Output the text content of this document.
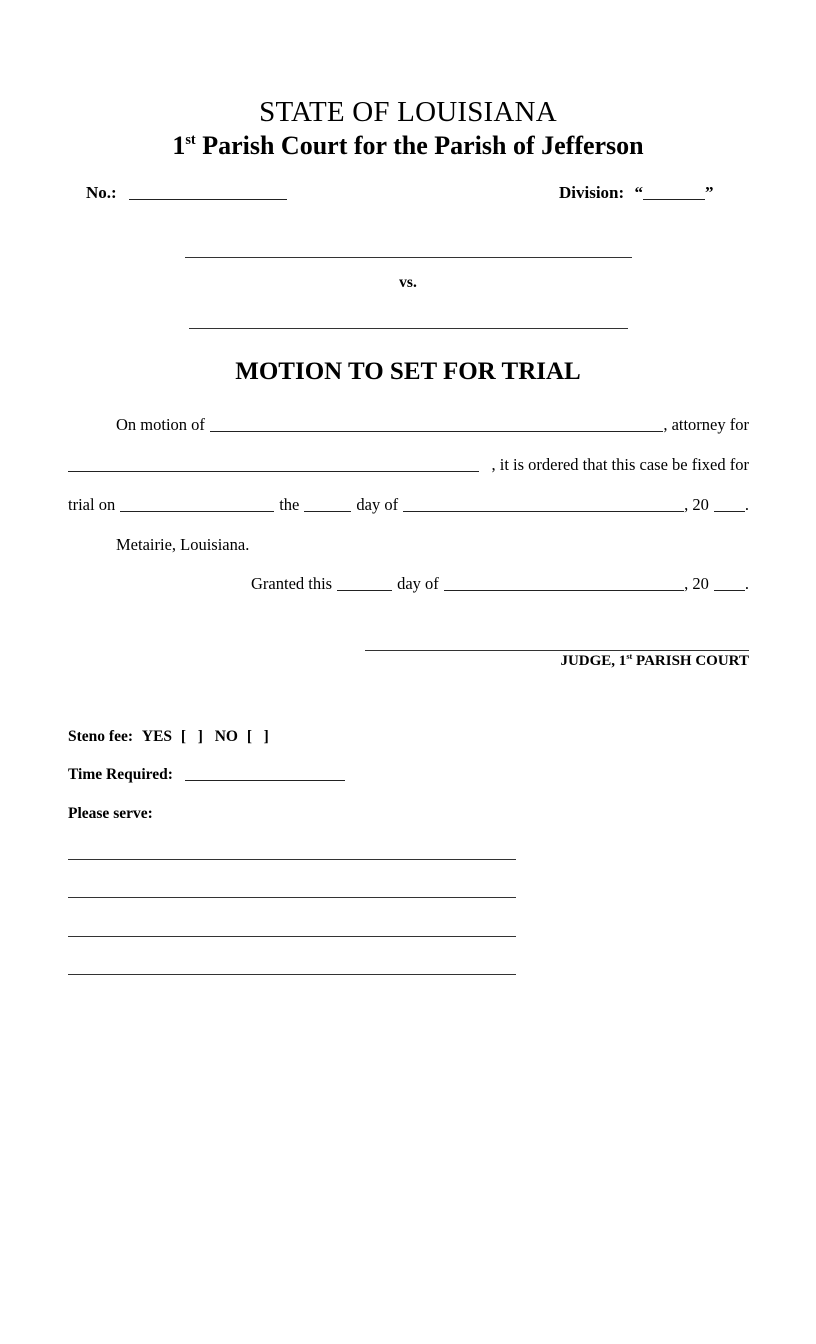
STATE OF LOUISIANA
1st Parish Court for the Parish of Jefferson
No.:	Division: “	”
vs.
MOTION TO SET FOR TRIAL
On motion of	, attorney for
, it is ordered that this case be fixed for
trial on	the	day of	, 20 .
Metairie, Louisiana.
Granted this	day of	, 20 .
JUDGE, 1st PARISH COURT
Steno fee: YES [   ] NO [   ]
Time Required:
Please serve:
